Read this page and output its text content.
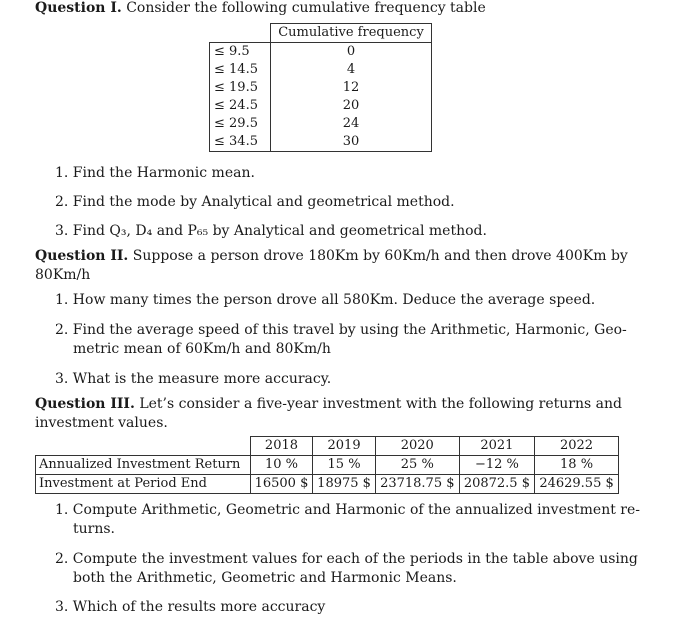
Question I. Consider the following cumulative frequency table
	Cumulative frequency
≤ 9.5	0
≤ 14.5	4
≤ 19.5	12
≤ 24.5	20
≤ 29.5	24
≤ 34.5	30
1. Find the Harmonic mean.
2. Find the mode by Analytical and geometrical method.
3. Find Q₃, D₄ and P₆₅ by Analytical and geometrical method.
Question II. Suppose a person drove 180Km by 60Km/h and then drove 400Km by
80Km/h
1. How many times the person drove all 580Km. Deduce the average speed.
2. Find the average speed of this travel by using the Arithmetic, Harmonic, Geo-
metric mean of 60Km/h and 80Km/h
3. What is the measure more accuracy.
Question III. Let’s consider a five-year investment with the following returns and
investment values.
	2018	2019	2020	2021	2022
Annualized Investment Return	10 %	15 %	25 %	−12 %	18 %
Investment at Period End	16500 $	18975 $	23718.75 $	20872.5 $	24629.55 $
1. Compute Arithmetic, Geometric and Harmonic of the annualized investment re-
turns.
2. Compute the investment values for each of the periods in the table above using
both the Arithmetic, Geometric and Harmonic Means.
3. Which of the results more accuracy
